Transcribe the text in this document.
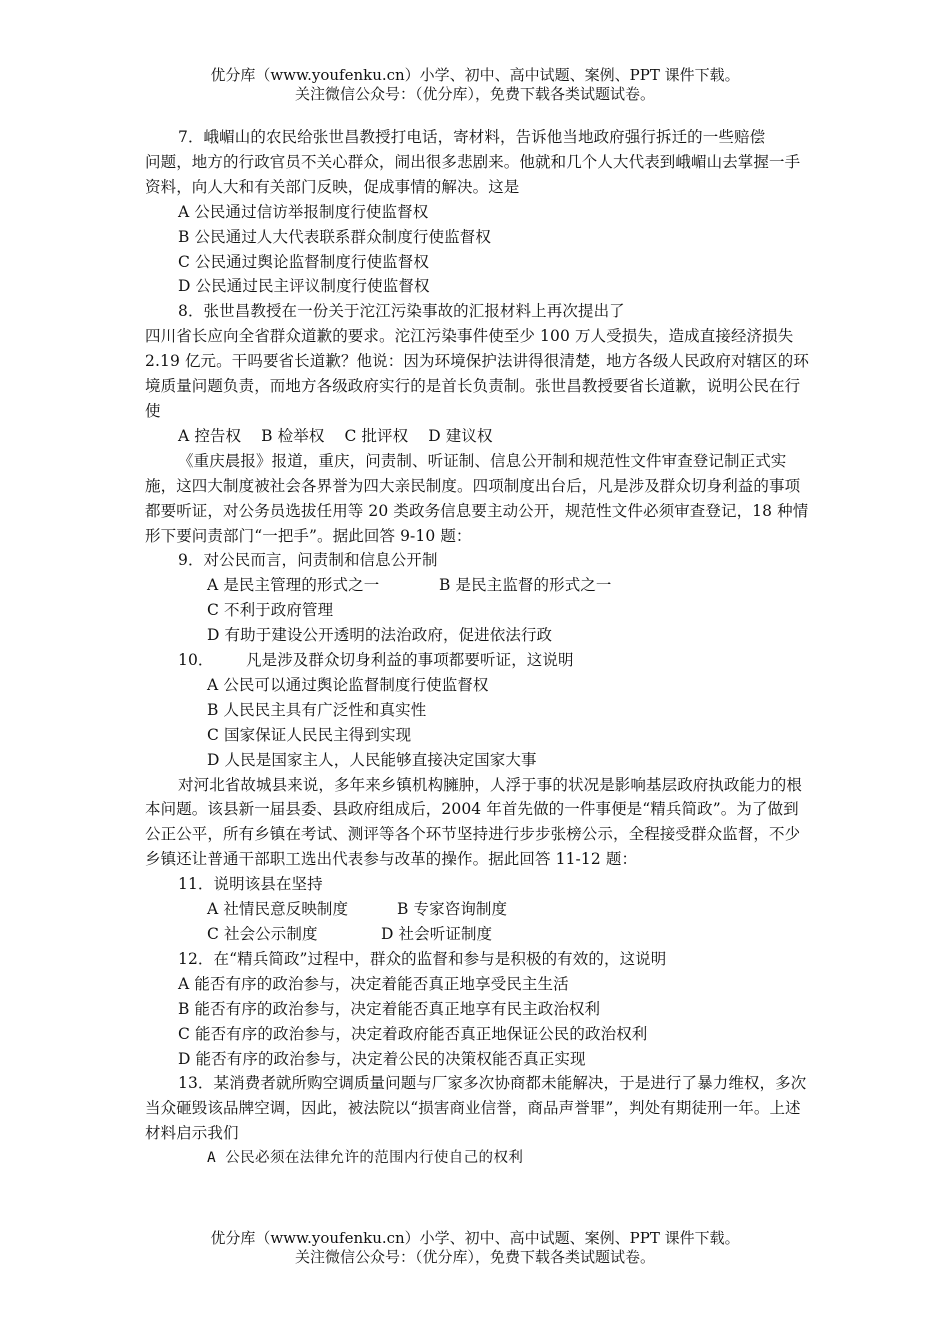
优分库（www.youfenku.cn）小学、初中、高中试题、案例、PPT 课件下载。
关注微信公众号：（优分库），免费下载各类试题试卷。

7．峨嵋山的农民给张世昌教授打电话，寄材料，告诉他当地政府强行拆迁的一些赔偿

问题，地方的行政官员不关心群众，闹出很多悲剧来。他就和几个人大代表到峨嵋山去掌握一手资料，向人大和有关部门反映，促成事情的解决。这是

A 公民通过信访举报制度行使监督权

B 公民通过人大代表联系群众制度行使监督权

C 公民通过舆论监督制度行使监督权

D 公民通过民主评议制度行使监督权

8．张世昌教授在一份关于沱江污染事故的汇报材料上再次提出了

四川省长应向全省群众道歉的要求。沱江污染事件使至少 100 万人受损失，造成直接经济损失 2.19 亿元。干吗要省长道歉？他说：因为环境保护法讲得很清楚，地方各级人民政府对辖区的环境质量问题负责，而地方各级政府实行的是首长负责制。张世昌教授要省长道歉，说明公民在行使

A 控告权 B 检举权 C 批评权 D 建议权

《重庆晨报》报道，重庆，问责制、听证制、信息公开制和规范性文件审查登记制正式实施，这四大制度被社会各界誉为四大亲民制度。四项制度出台后，凡是涉及群众切身利益的事项都要听证，对公务员选拔任用等 20 类政务信息要主动公开，规范性文件必须审查登记，18 种情形下要问责部门“一把手”。据此回答 9-10 题：

9．对公民而言，问责制和信息公开制

A 是民主管理的形式之一	B 是民主监督的形式之一

C 不利于政府管理

D 有助于建设公开透明的法治政府，促进依法行政

10． 凡是涉及群众切身利益的事项都要听证，这说明

A 公民可以通过舆论监督制度行使监督权

B 人民民主具有广泛性和真实性

C 国家保证人民民主得到实现

D 人民是国家主人，人民能够直接决定国家大事

对河北省故城县来说，多年来乡镇机构臃肿，人浮于事的状况是影响基层政府执政能力的根本问题。该县新一届县委、县政府组成后，2004 年首先做的一件事便是“精兵简政”。为了做到公正公平，所有乡镇在考试、测评等各个环节坚持进行步步张榜公示，全程接受群众监督，不少乡镇还让普通干部职工选出代表参与改革的操作。据此回答 11-12 题：

11．说明该县在坚持

A 社情民意反映制度	B 专家咨询制度

C 社会公示制度	D 社会听证制度

12．在“精兵简政”过程中，群众的监督和参与是积极的有效的，这说明

A 能否有序的政治参与，决定着能否真正地享受民主生活

B 能否有序的政治参与，决定着能否真正地享有民主政治权利

C 能否有序的政治参与，决定着政府能否真正地保证公民的政治权利

D 能否有序的政治参与，决定着公民的决策权能否真正实现

13．某消费者就所购空调质量问题与厂家多次协商都未能解决，于是进行了暴力维权，多次当众砸毁该品牌空调，因此，被法院以“损害商业信誉，商品声誉罪”，判处有期徒刑一年。上述材料启示我们

A 公民必须在法律允许的范围内行使自己的权利

优分库（www.youfenku.cn）小学、初中、高中试题、案例、PPT 课件下载。
关注微信公众号：（优分库），免费下载各类试题试卷。
